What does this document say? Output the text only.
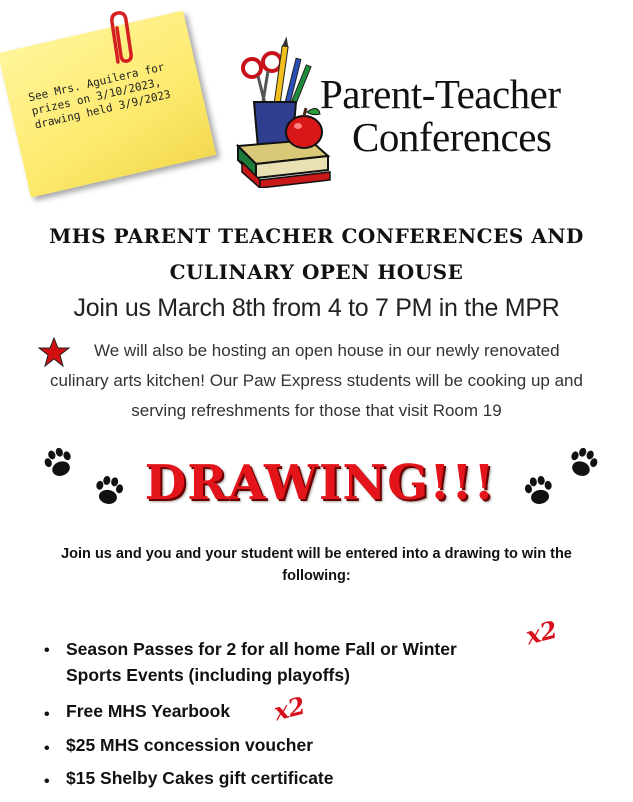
See Mrs. Aguilera for
prizes on 3/10/2023,
drawing held 3/9/2023	Parent-Teacher
Conferences
MHS PARENT TEACHER CONFERENCES AND
CULINARY OPEN HOUSE
Join us March 8th from 4 to 7 PM in the MPR
We will also be hosting an open house in our newly renovated
culinary arts kitchen! Our Paw Express students will be cooking up and
serving refreshments for those that visit Room 19
DRAWING!!!
Join us and you and your student will be entered into a drawing to win the
following:
• Season Passes for 2 for all home Fall or Winter
Sports Events (including playoffs)
x2
• Free MHS Yearbook x2
• $25 MHS concession voucher
• $15 Shelby Cakes gift certificate
